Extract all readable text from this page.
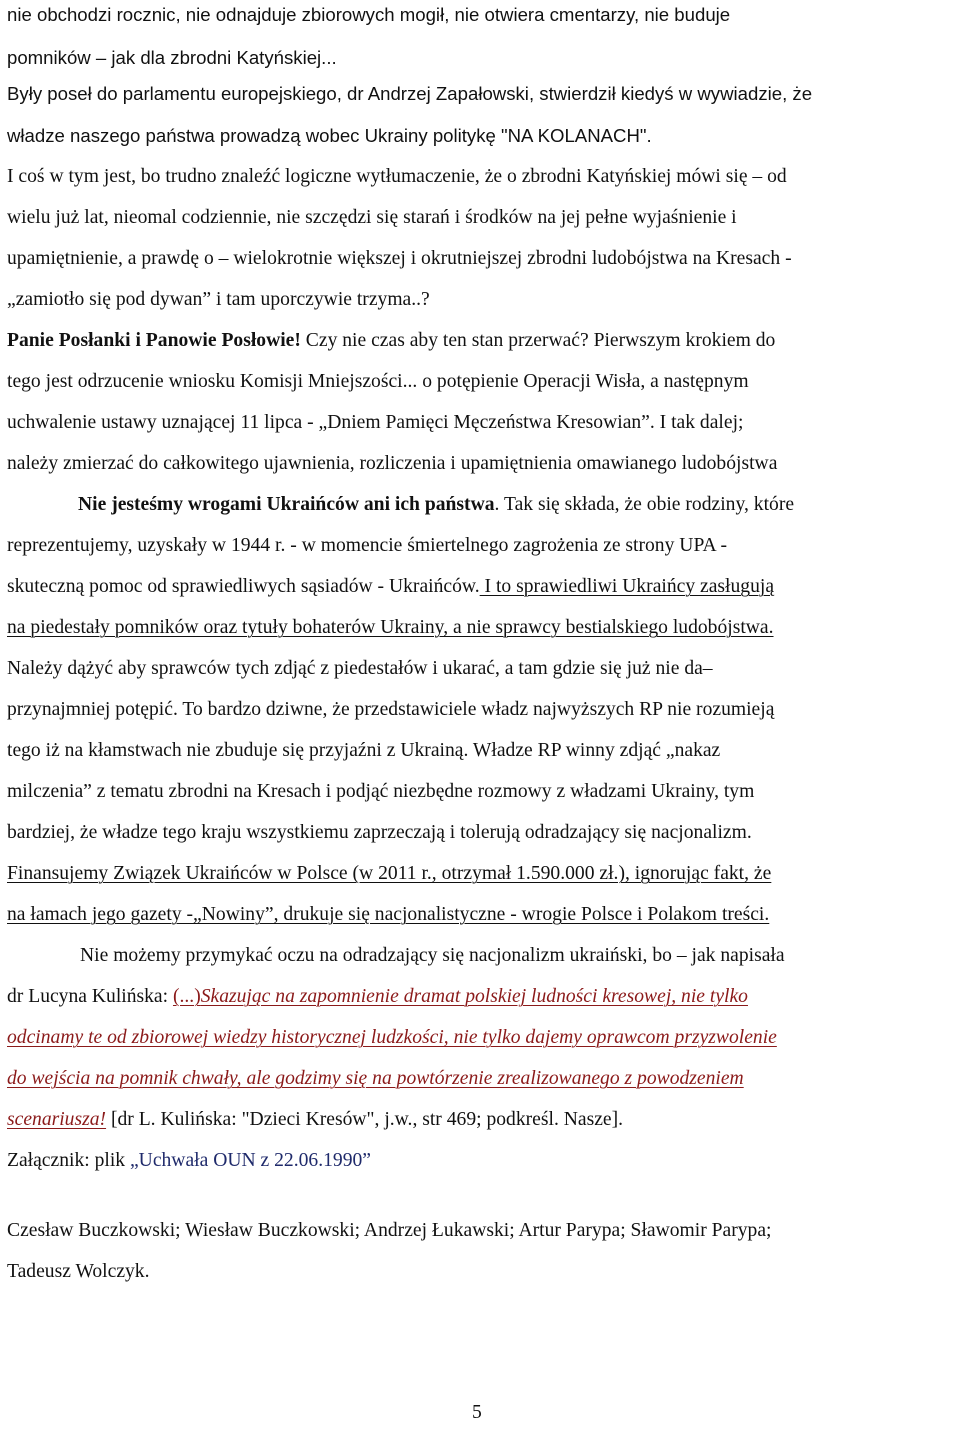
nie obchodzi rocznic, nie odnajduje zbiorowych mogił, nie otwiera cmentarzy, nie buduje
pomników – jak dla zbrodni Katyńskiej...
Były poseł do parlamentu europejskiego, dr Andrzej Zapałowski, stwierdził kiedyś w wywiadzie, że
władze naszego państwa prowadzą wobec Ukrainy politykę "NA KOLANACH".
I coś w tym jest, bo trudno znaleźć logiczne wytłumaczenie, że o zbrodni Katyńskiej mówi się – od
wielu już lat, nieomal codziennie, nie szczędzi się starań i środków na jej pełne wyjaśnienie i
upamiętnienie, a prawdę o – wielokrotnie większej i okrutniejszej zbrodni ludobójstwa na Kresach -
„zamiotło się pod dywan” i tam uporczywie trzyma..?
Panie Posłanki i Panowie Posłowie! Czy nie czas aby ten stan przerwać? Pierwszym krokiem do
tego jest odrzucenie wniosku Komisji Mniejszości... o potępienie Operacji Wisła, a następnym
uchwalenie ustawy uznającej 11 lipca - „Dniem Pamięci Męczeństwa Kresowian”. I tak dalej;
należy zmierzać do całkowitego ujawnienia, rozliczenia i upamiętnienia omawianego ludobójstwa
Nie jesteśmy wrogami Ukraińców ani ich państwa. Tak się składa, że obie rodziny, które
reprezentujemy, uzyskały w 1944 r. - w momencie śmiertelnego zagrożenia ze strony UPA -
skuteczną pomoc od sprawiedliwych sąsiadów - Ukraińców. I to sprawiedliwi Ukraińcy zasługują
na piedestały pomników oraz tytuły bohaterów Ukrainy, a nie sprawcy bestialskiego ludobójstwa.
Należy dążyć aby sprawców tych zdjąć z piedestałów i ukarać, a tam gdzie się już nie da–
przynajmniej potępić. To bardzo dziwne, że przedstawiciele władz najwyższych RP nie rozumieją
tego iż na kłamstwach nie zbuduje się przyjaźni z Ukrainą. Władze RP winny zdjąć „nakaz
milczenia” z tematu zbrodni na Kresach i podjąć niezbędne rozmowy z władzami Ukrainy, tym
bardziej, że władze tego kraju wszystkiemu zaprzeczają i tolerują odradzający się nacjonalizm.
Finansujemy Związek Ukraińców w Polsce (w 2011 r., otrzymał 1.590.000 zł.), ignorując fakt, że
na łamach jego gazety -„Nowiny”, drukuje się nacjonalistyczne - wrogie Polsce i Polakom treści.
Nie możemy przymykać oczu na odradzający się nacjonalizm ukraiński, bo – jak napisała
dr Lucyna Kulińska: (...)Skazując na zapomnienie dramat polskiej ludności kresowej, nie tylko
odcinamy te od zbiorowej wiedzy historycznej ludzkości, nie tylko dajemy oprawcom przyzwolenie
do wejścia na pomnik chwały, ale godzimy się na powtórzenie zrealizowanego z powodzeniem
scenariusza! [dr L. Kulińska: "Dzieci Kresów", j.w., str 469; podkreśl. Nasze].
Załącznik: plik „Uchwała OUN z 22.06.1990”
Czesław Buczkowski; Wiesław Buczkowski; Andrzej Łukawski; Artur Parypa; Sławomir Parypa;
Tadeusz Wolczyk.
5
